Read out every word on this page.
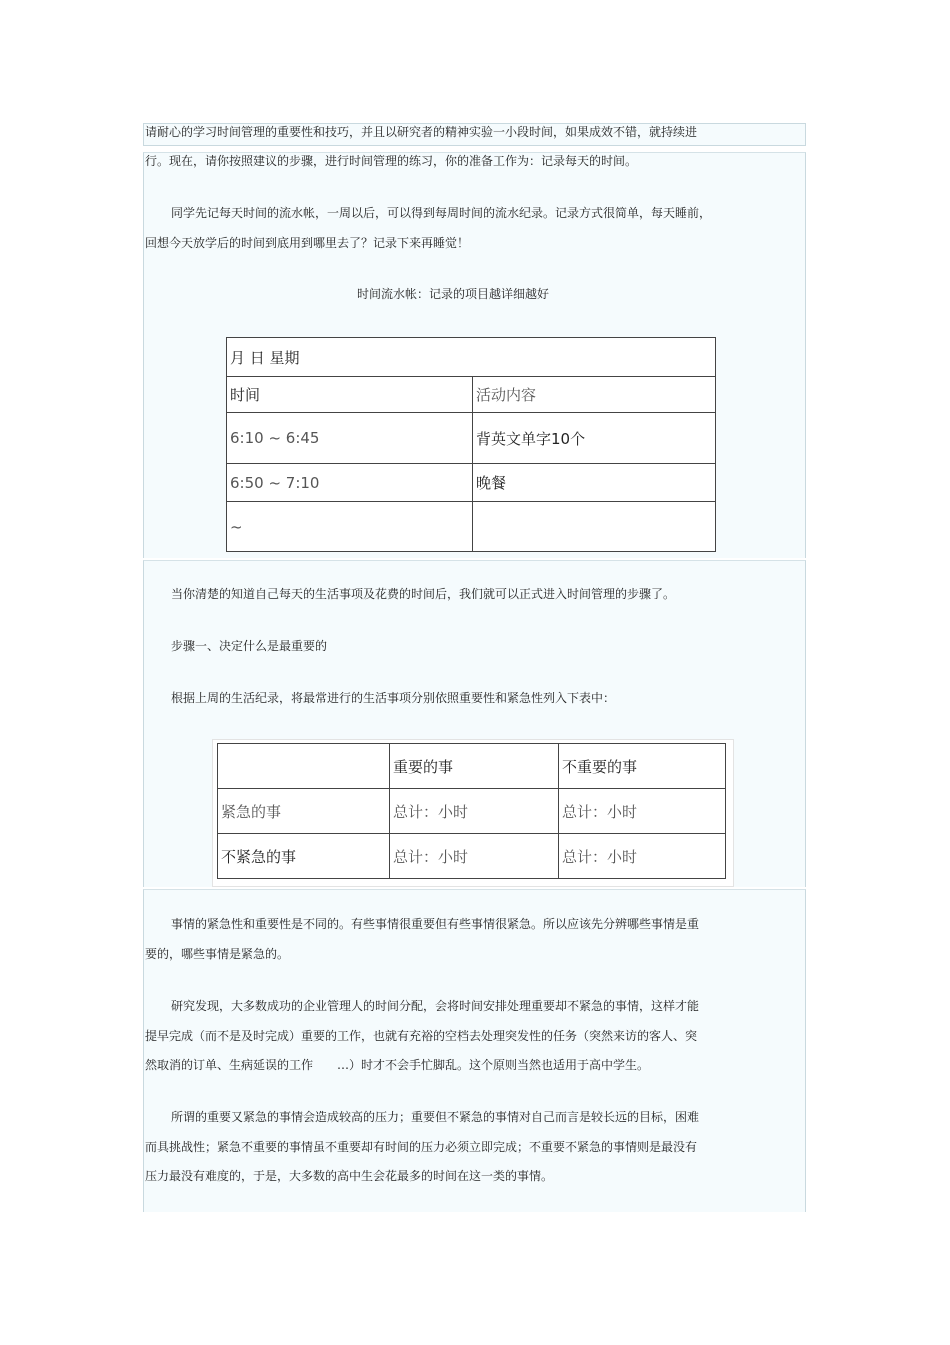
请耐心的学习时间管理的重要性和技巧，并且以研究者的精神实验一小段时间，如果成效不错，就持续进
行。现在，请你按照建议的步骤，进行时间管理的练习，你的准备工作为：记录每天的时间。
同学先记每天时间的流水帐，一周以后，可以得到每周时间的流水纪录。记录方式很简单，每天睡前，
回想今天放学后的时间到底用到哪里去了？记录下来再睡觉！
时间流水帐：记录的项目越详细越好
月 日 星期	
时间	活动内容
6:10 ~ 6:45	背英文单字10个
6:50 ~ 7:10	晚餐
~	
当你清楚的知道自己每天的生活事项及花费的时间后，我们就可以正式进入时间管理的步骤了。
步骤一、决定什么是最重要的
根据上周的生活纪录，将最常进行的生活事项分别依照重要性和紧急性列入下表中：
	重要的事	不重要的事
紧急的事	总计：小时	总计：小时
不紧急的事	总计：小时	总计：小时
事情的紧急性和重要性是不同的。有些事情很重要但有些事情很紧急。所以应该先分辨哪些事情是重
要的，哪些事情是紧急的。
研究发现，大多数成功的企业管理人的时间分配，会将时间安排处理重要却不紧急的事情，这样才能
提早完成（而不是及时完成）重要的工作，也就有充裕的空档去处理突发性的任务（突然来访的客人、突
然取消的订单、生病延误的工作　　…）时才不会手忙脚乱。这个原则当然也适用于高中学生。
所谓的重要又紧急的事情会造成较高的压力；重要但不紧急的事情对自己而言是较长远的目标，困难
而具挑战性；紧急不重要的事情虽不重要却有时间的压力必须立即完成；不重要不紧急的事情则是最没有
压力最没有难度的，于是，大多数的高中生会花最多的时间在这一类的事情。
